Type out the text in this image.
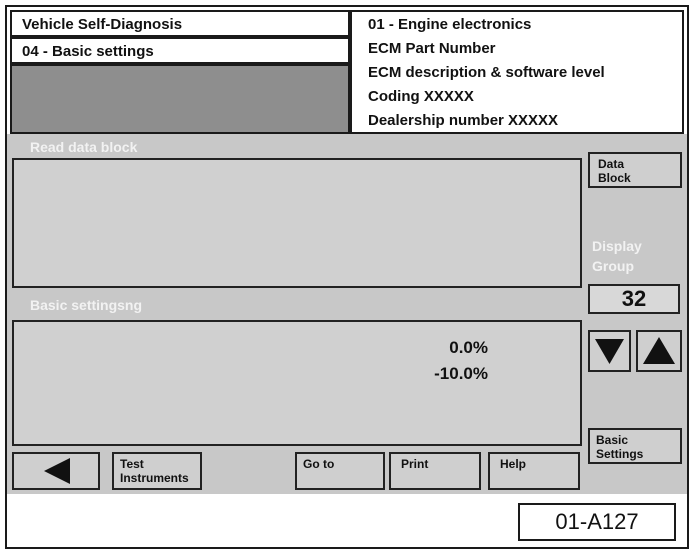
Vehicle Self-Diagnosis
04 - Basic settings
01 - Engine electronics
ECM Part Number
ECM description & software level
Coding XXXXX
Dealership number XXXXX
Read data block
Basic settingsng
0.0%
-10.0%
Data
Block
Display
Group
32
Basic
Settings
Test
Instruments
Go to	Print	Help
01-A127
